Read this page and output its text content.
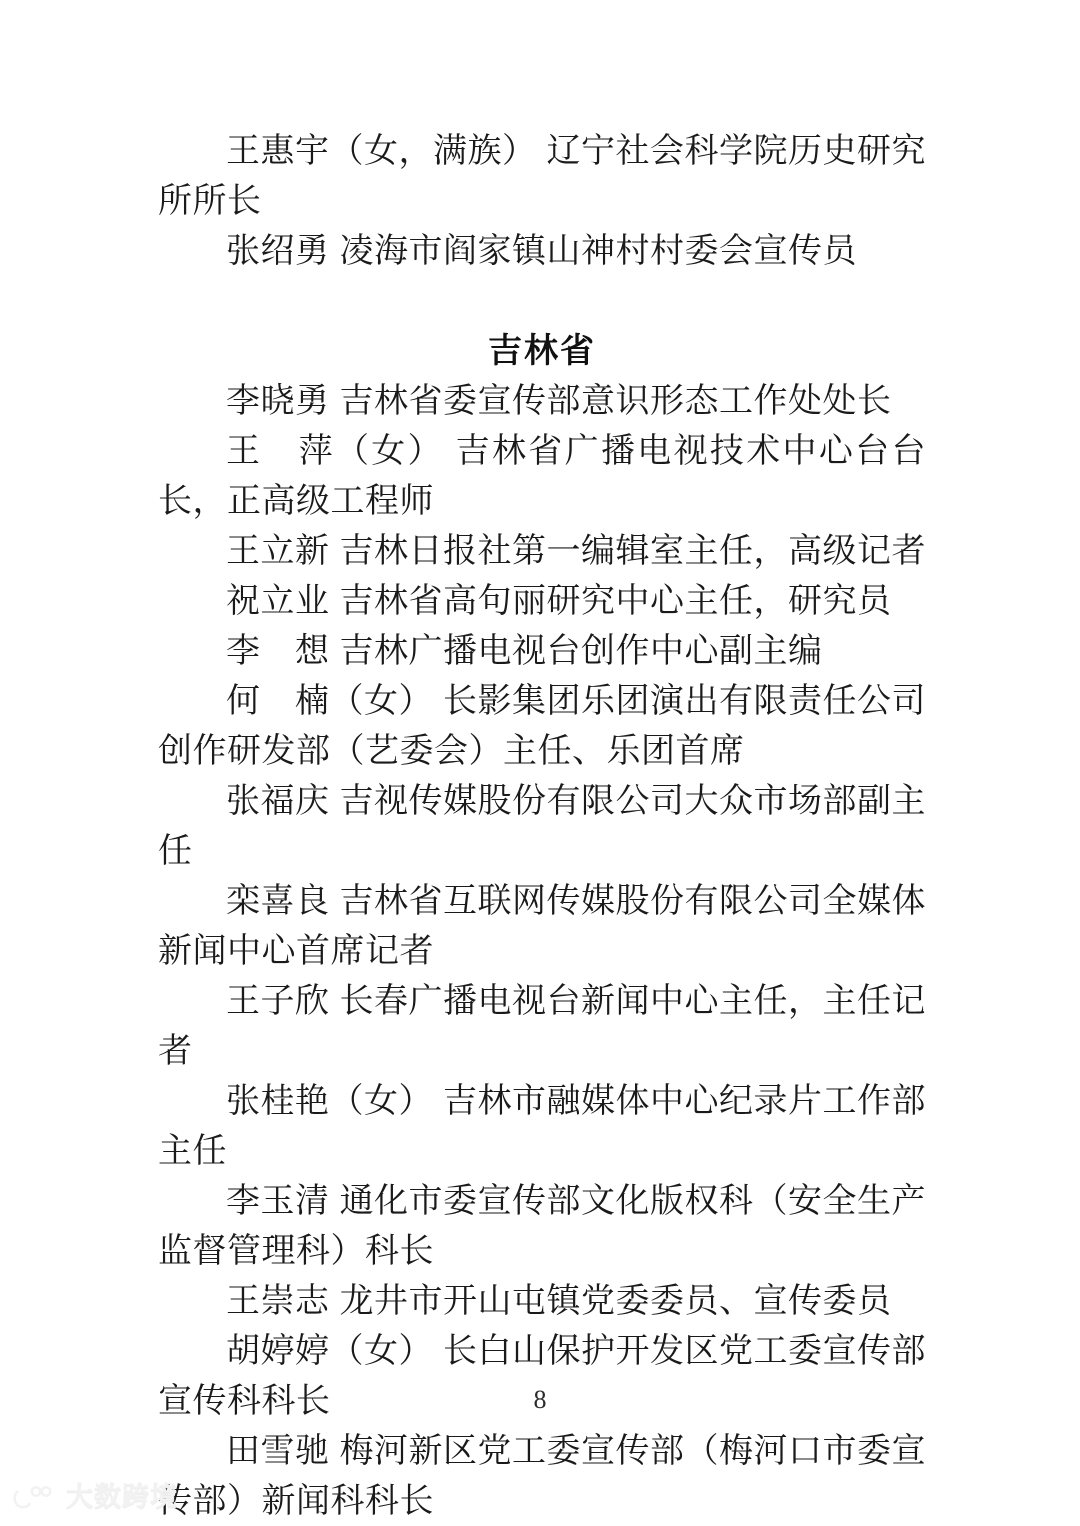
王惠宇（女，满族） 辽宁社会科学院历史研究所所长
张绍勇 凌海市阎家镇山神村村委会宣传员
吉林省
李晓勇 吉林省委宣传部意识形态工作处处长
王　萍（女） 吉林省广播电视技术中心台台长，正高级工程师
王立新 吉林日报社第一编辑室主任，高级记者
祝立业 吉林省高句丽研究中心主任，研究员
李　想 吉林广播电视台创作中心副主编
何　楠（女） 长影集团乐团演出有限责任公司创作研发部（艺委会）主任、乐团首席
张福庆 吉视传媒股份有限公司大众市场部副主任
栾喜良 吉林省互联网传媒股份有限公司全媒体新闻中心首席记者
王子欣 长春广播电视台新闻中心主任，主任记者
张桂艳（女） 吉林市融媒体中心纪录片工作部主任
李玉清 通化市委宣传部文化版权科（安全生产监督管理科）科长
王崇志 龙井市开山屯镇党委委员、宣传委员
胡婷婷（女） 长白山保护开发区党工委宣传部宣传科科长
田雪驰 梅河新区党工委宣传部（梅河口市委宣传部）新闻科科长
8
大数跨境
